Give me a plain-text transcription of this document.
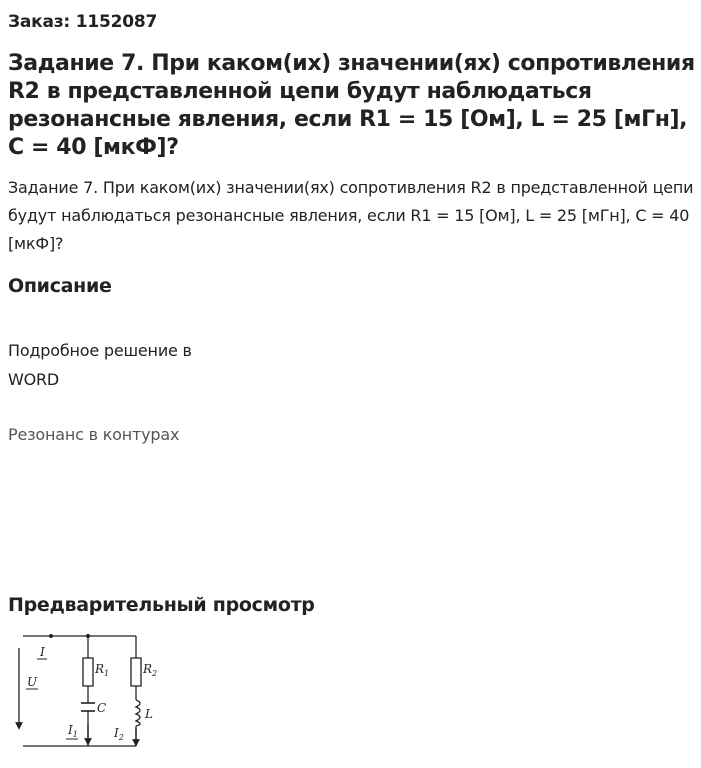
Заказ: 1152087
Задание 7. При каком(их) значении(ях) сопротивления R2 в представленной цепи будут наблюдаться резонансные явления, если R1 = 15 [Ом], L = 25 [мГн], C = 40 [мкФ]?
Задание 7. При каком(их) значении(ях) сопротивления R2 в представленной цепи будут наблюдаться резонансные явления, если R1 = 15 [Ом], L = 25 [мГн], C = 40 [мкФ]?
Описание
Подробное решение в
WORD
Резонанс в контурах
Предварительный просмотр
I
U
$R_1$	$R_2$
C	L
$I_1$	$I_2$
